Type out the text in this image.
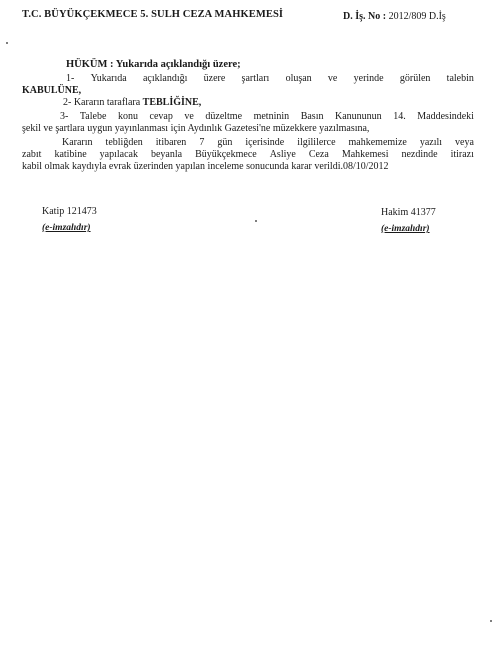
T.C. BÜYÜKÇEKMECE 5. SULH CEZA MAHKEMESİ	D. İş. No : 2012/809 D.İş
HÜKÜM : Yukarıda açıklandığı üzere;
1- Yukarıda açıklandığı üzere şartları oluşan ve yerinde görülen talebin
KABULÜNE,
2- Kararın taraflara TEBLİĞİNE,
3- Talebe konu cevap ve düzeltme metninin Basın Kanununun 14. Maddesindeki
şekil ve şartlara uygun yayınlanması için Aydınlık Gazetesi'ne müzekkere yazılmasına,
Kararın tebliğden itibaren 7 gün içerisinde ilgililerce mahkememize yazılı veya
zabıt katibine yapılacak beyanla Büyükçekmece Asliye Ceza Mahkemesi nezdinde itirazı
kabil olmak kaydıyla evrak üzerinden yapılan inceleme sonucunda karar verildi.08/10/2012
Katip 121473
(e-imzalıdır)
Hakim 41377
(e-imzalıdır)
